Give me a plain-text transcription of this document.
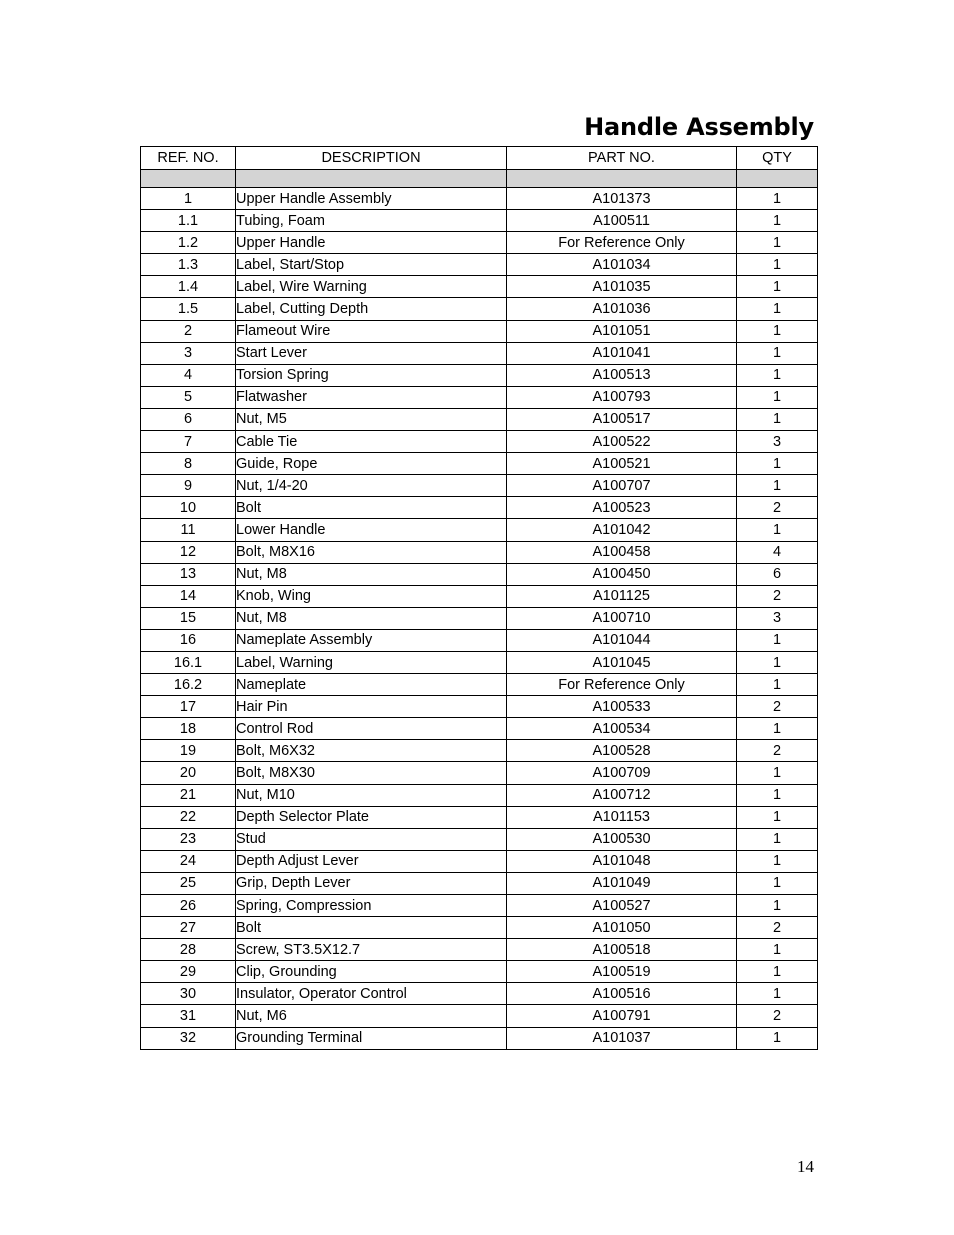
Handle Assembly
REF. NO.	DESCRIPTION	PART NO.	QTY

1	Upper Handle Assembly	A101373	1
1.1	Tubing, Foam	A100511	1
1.2	Upper Handle	For Reference Only	1
1.3	Label, Start/Stop	A101034	1
1.4	Label, Wire Warning	A101035	1
1.5	Label, Cutting Depth	A101036	1
2	Flameout Wire	A101051	1
3	Start Lever	A101041	1
4	Torsion Spring	A100513	1
5	Flatwasher	A100793	1
6	Nut, M5	A100517	1
7	Cable Tie	A100522	3
8	Guide, Rope	A100521	1
9	Nut, 1/4-20	A100707	1
10	Bolt	A100523	2
11	Lower Handle	A101042	1
12	Bolt, M8X16	A100458	4
13	Nut, M8	A100450	6
14	Knob, Wing	A101125	2
15	Nut, M8	A100710	3
16	Nameplate Assembly	A101044	1
16.1	Label, Warning	A101045	1
16.2	Nameplate	For Reference Only	1
17	Hair Pin	A100533	2
18	Control Rod	A100534	1
19	Bolt, M6X32	A100528	2
20	Bolt, M8X30	A100709	1
21	Nut, M10	A100712	1
22	Depth Selector Plate	A101153	1
23	Stud	A100530	1
24	Depth Adjust Lever	A101048	1
25	Grip, Depth Lever	A101049	1
26	Spring, Compression	A100527	1
27	Bolt	A101050	2
28	Screw, ST3.5X12.7	A100518	1
29	Clip, Grounding	A100519	1
30	Insulator, Operator Control	A100516	1
31	Nut, M6	A100791	2
32	Grounding Terminal	A101037	1
14
